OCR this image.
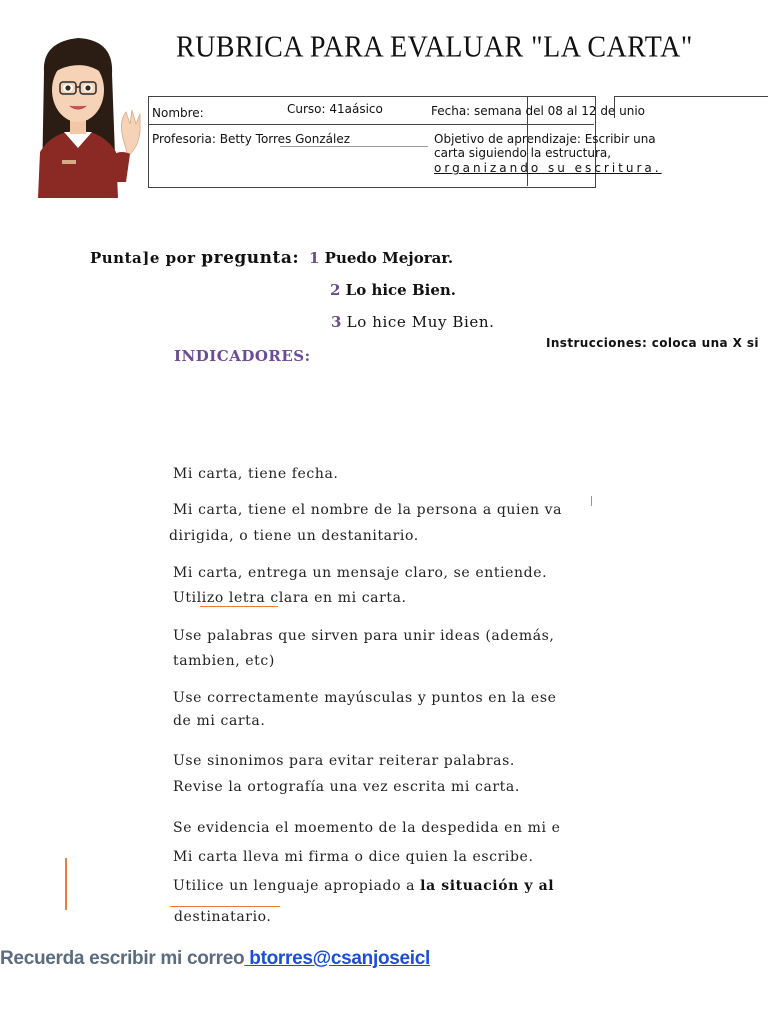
RUBRICA PARA EVALUAR "LA CARTA"
Nombre:	Curso: 41aásico	Fecha: semana del 08 al 12 de unio
Profesoria: Betty Torres González	Objetivo de aprendizaje: Escribir una
carta siguiendo la estructura,
organizando su escritura.
Punta]e por pregunta: 1 Puedo Mejorar.
2 Lo hice Bien.
3 Lo hice Muy Bien.
Instrucciones: coloca una X si
INDICADORES:
Mi carta, tiene fecha.
Mi carta, tiene el nombre de la persona a quien va
dirigida, o tiene un destanitario.
Mi carta, entrega un mensaje claro, se entiende.
Utilizo letra clara en mi carta.
Use palabras que sirven para unir ideas (además,
tambien, etc)
Use correctamente mayúsculas y puntos en la ese
de mi carta.
Use sinonimos para evitar reiterar palabras.
Revise la ortografía una vez escrita mi carta.
Se evidencia el moemento de la despedida en mi e
Mi carta lleva mi firma o dice quien la escribe.
Utilice un lenguaje apropiado a la situación y al
destinatario.
Recuerda escribir mi correo btorres@csanjoseicl
